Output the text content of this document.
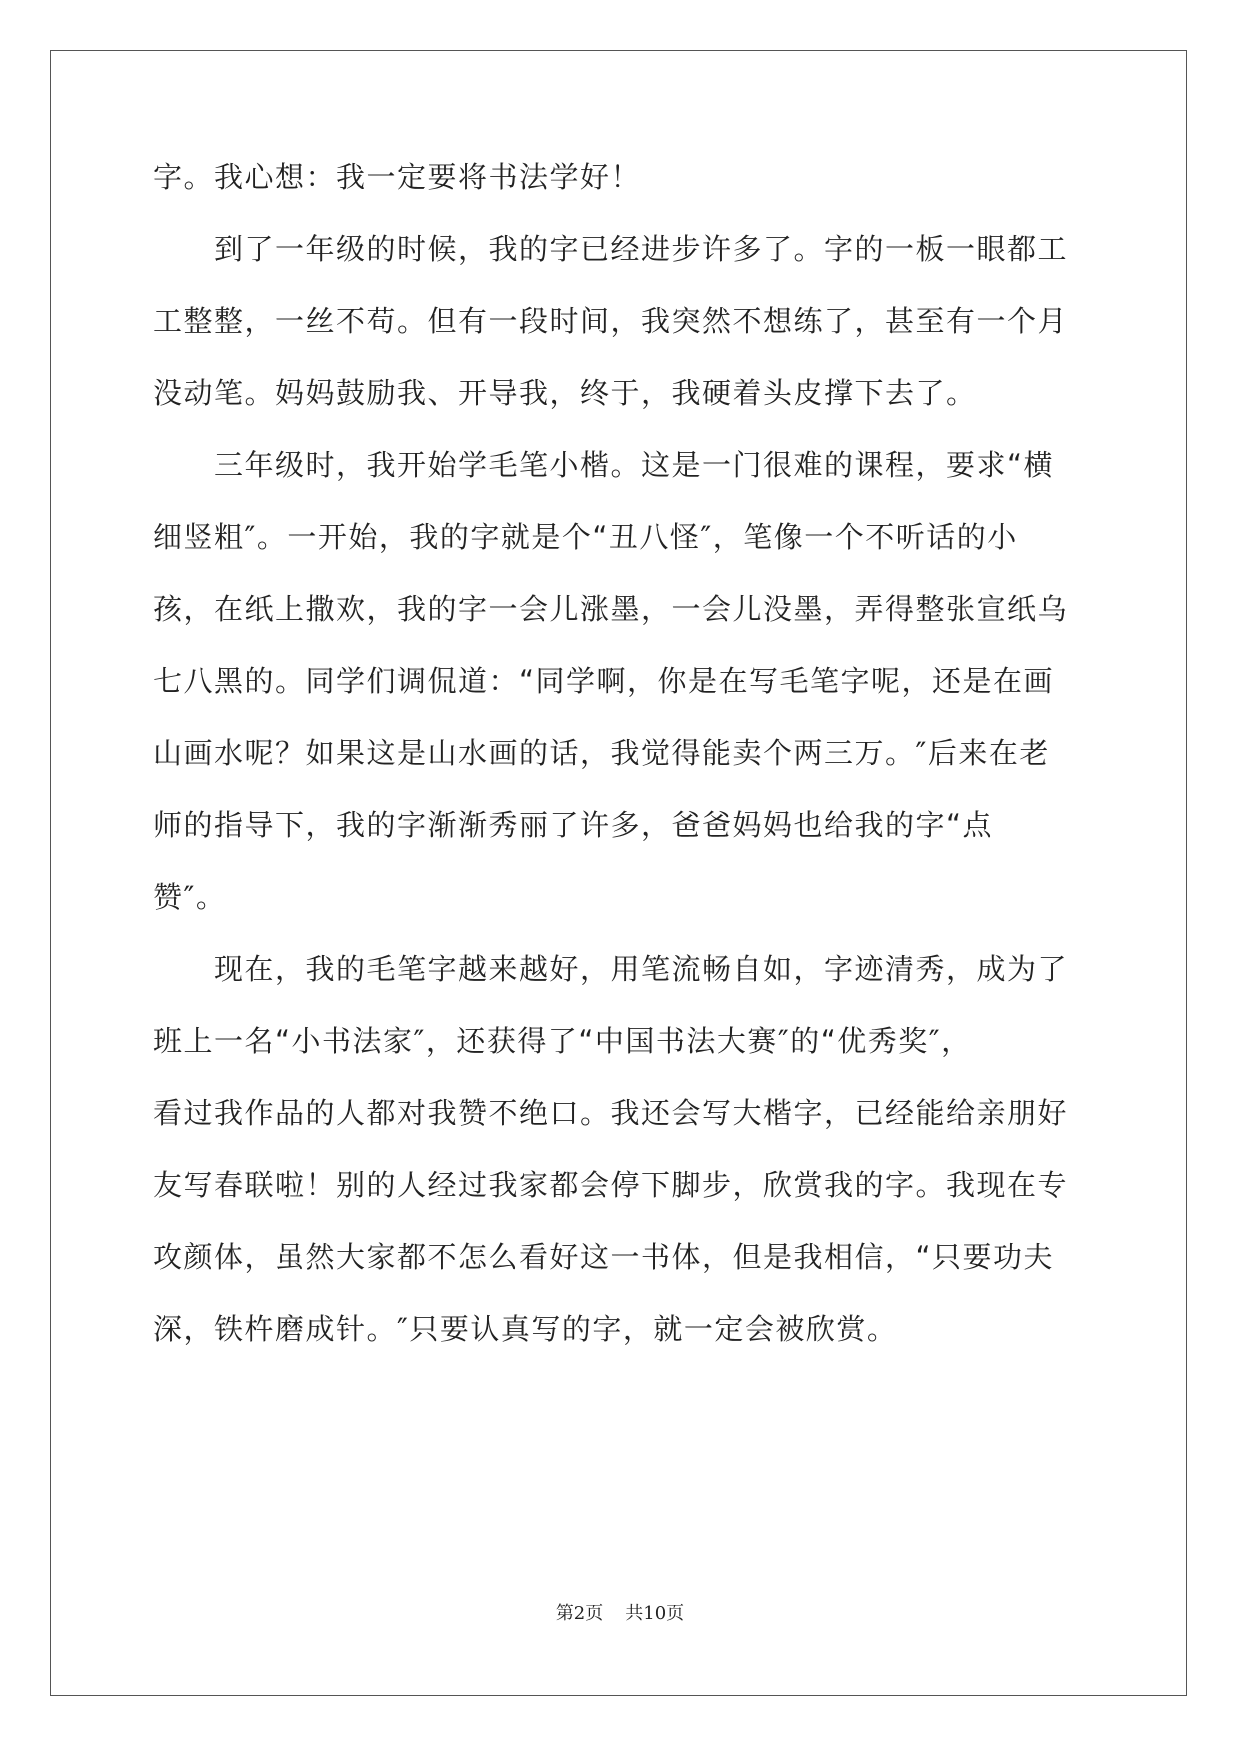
字。我心想：我一定要将书法学好！
　　到了一年级的时候，我的字已经进步许多了。字的一板一眼都工
工整整，一丝不苟。但有一段时间，我突然不想练了，甚至有一个月
没动笔。妈妈鼓励我、开导我，终于，我硬着头皮撑下去了。
　　三年级时，我开始学毛笔小楷。这是一门很难的课程，要求“横
细竖粗″。一开始，我的字就是个“丑八怪″，笔像一个不听话的小
孩，在纸上撒欢，我的字一会儿涨墨，一会儿没墨，弄得整张宣纸乌
七八黑的。同学们调侃道：“同学啊，你是在写毛笔字呢，还是在画
山画水呢？如果这是山水画的话，我觉得能卖个两三万。″后来在老
师的指导下，我的字渐渐秀丽了许多，爸爸妈妈也给我的字“点
赞″。
　　现在，我的毛笔字越来越好，用笔流畅自如，字迹清秀，成为了
班上一名“小书法家″，还获得了“中国书法大赛″的“优秀奖″，
看过我作品的人都对我赞不绝口。我还会写大楷字，已经能给亲朋好
友写春联啦！别的人经过我家都会停下脚步，欣赏我的字。我现在专
攻颜体，虽然大家都不怎么看好这一书体，但是我相信，“只要功夫
深，铁杵磨成针。″只要认真写的字，就一定会被欣赏。
第2页 共10页
